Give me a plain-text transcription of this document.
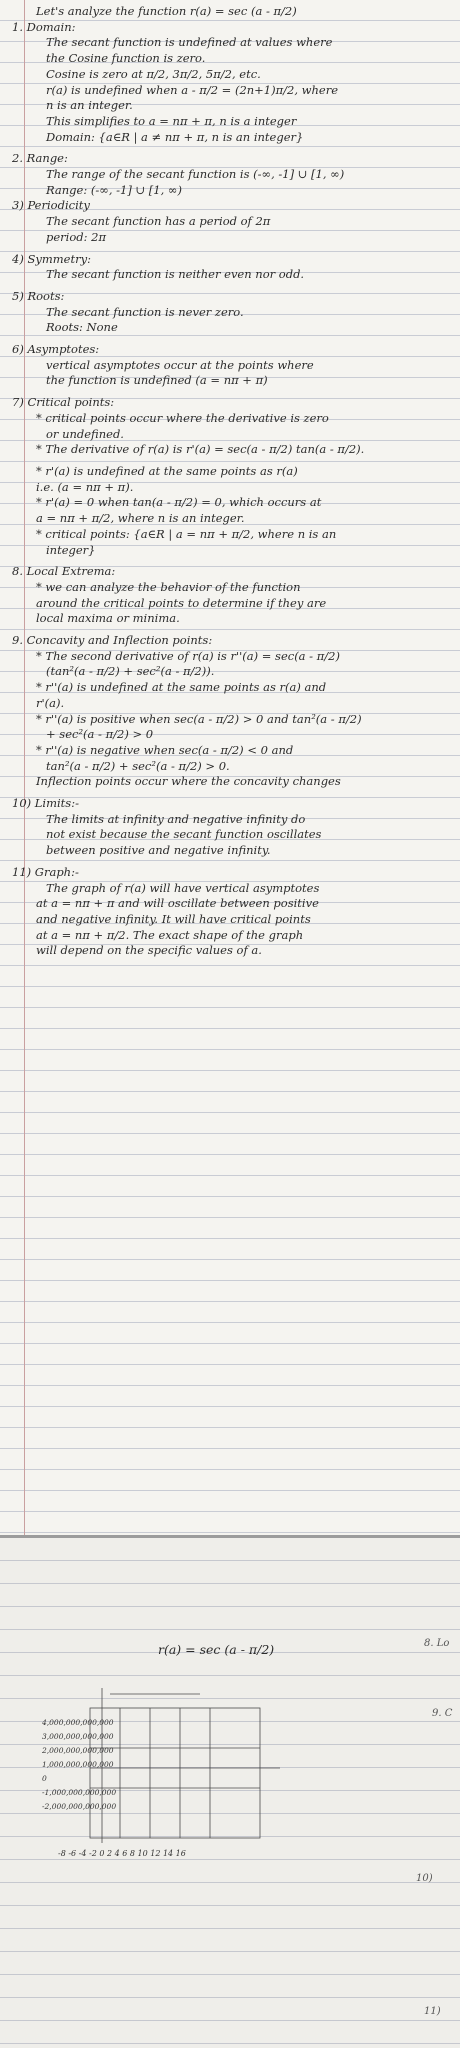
Let's analyze the function r(a) = sec (a - π/2)
1. Domain:
The secant function is undefined at values where
the Cosine function is zero.
Cosine is zero at π/2, 3π/2, 5π/2, etc.
r(a) is undefined when a - π/2 = (2n+1)π/2, where
n is an integer.
This simplifies to a = nπ + π, n is a integer
Domain: {a∈R | a ≠ nπ + π, n is an integer}
2. Range:
The range of the secant function is (-∞, -1] ∪ [1, ∞)
Range: (-∞, -1] ∪ [1, ∞)
3) Periodicity
The secant function has a period of 2π
period: 2π
4) Symmetry:
The secant function is neither even nor odd.
5) Roots:
The secant function is never zero.
Roots: None
6) Asymptotes:
vertical asymptotes occur at the points where
the function is undefined (a = nπ + π)
7) Critical points:
* critical points occur where the derivative is zero
or undefined.
* The derivative of r(a) is r'(a) = sec(a - π/2) tan(a - π/2).
* r'(a) is undefined at the same points as r(a)
i.e. (a = nπ + π).
* r'(a) = 0 when tan(a - π/2) = 0, which occurs at
a = nπ + π/2, where n is an integer.
* critical points: {a∈R | a = nπ + π/2, where n is an
integer}
8. Local Extrema:
* we can analyze the behavior of the function
around the critical points to determine if they are
local maxima or minima.
9. Concavity and Inflection points:
* The second derivative of r(a) is r''(a) = sec(a - π/2)
(tan²(a - π/2) + sec²(a - π/2)).
* r''(a) is undefined at the same points as r(a) and
r'(a).
* r''(a) is positive when sec(a - π/2) > 0 and tan²(a - π/2)
+ sec²(a - π/2) > 0
* r''(a) is negative when sec(a - π/2) < 0 and
tan²(a - π/2) + sec²(a - π/2) > 0.
Inflection points occur where the concavity changes
10) Limits:-
The limits at infinity and negative infinity do
not exist because the secant function oscillates
between positive and negative infinity.
11) Graph:-
The graph of r(a) will have vertical asymptotes
at a = nπ + π and will oscillate between positive
and negative infinity. It will have critical points
at a = nπ + π/2. The exact shape of the graph
will depend on the specific values of a.
r(a) = sec (a - π/2)
4,000,000,000,000
3,000,000,000,000
2,000,000,000,000
1,000,000,000,000
0
-1,000,000,000,000
-2,000,000,000,000
-8 -6 -4 -2 0 2 4 6 8 10 12 14 16
8. Lo
9. C
10)
11)
